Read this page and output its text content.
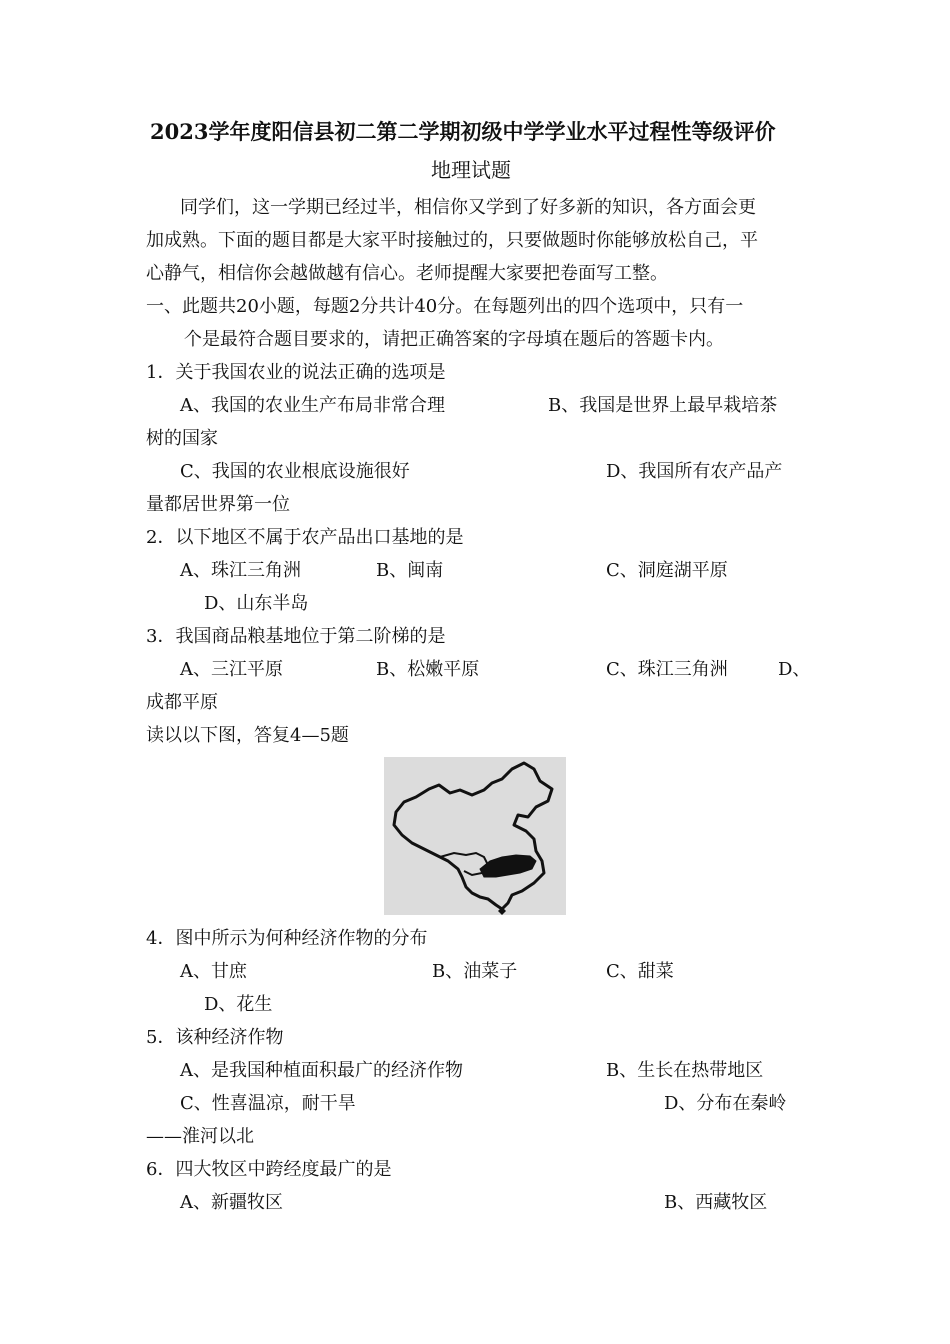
2023学年度阳信县初二第二学期初级中学学业水平过程性等级评价
地理试题
同学们，这一学期已经过半，相信你又学到了好多新的知识，各方面会更
加成熟。下面的题目都是大家平时接触过的，只要做题时你能够放松自己，平
心静气，相信你会越做越有信心。老师提醒大家要把卷面写工整。
一、此题共20小题，每题2分共计40分。在每题列出的四个选项中，只有一
个是最符合题目要求的，请把正确答案的字母填在题后的答题卡内。
1．关于我国农业的说法正确的选项是
A、我国的农业生产布局非常合理	B、我国是世界上最早栽培茶
树的国家
C、我国的农业根底设施很好	D、我国所有农产品产
量都居世界第一位
2．以下地区不属于农产品出口基地的是
A、珠江三角洲	B、闽南	C、洞庭湖平原
D、山东半岛
3．我国商品粮基地位于第二阶梯的是
A、三江平原	B、松嫩平原	C、珠江三角洲	D、
成都平原
读以以下图，答复4—5题
4．图中所示为何种经济作物的分布
A、甘庶	B、油菜子	C、甜菜
D、花生
5．该种经济作物
A、是我国种植面积最广的经济作物	B、生长在热带地区
C、性喜温凉，耐干旱	D、分布在秦岭
——淮河以北
6．四大牧区中跨经度最广的是
A、新疆牧区	B、西藏牧区
